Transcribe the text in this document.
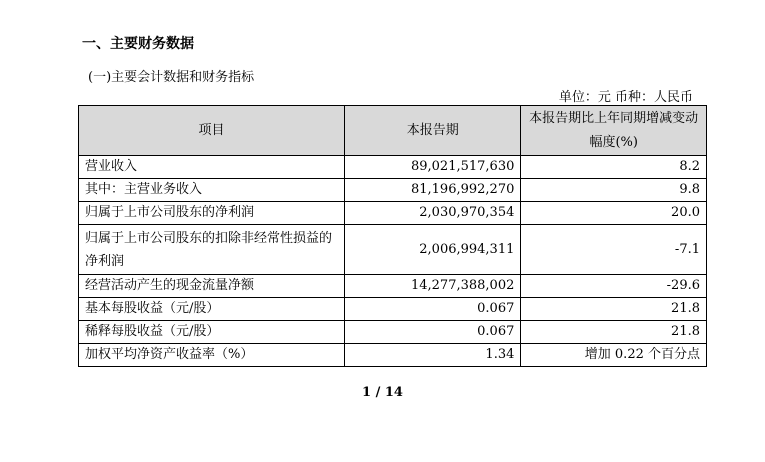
一、主要财务数据
(一)主要会计数据和财务指标
单位：元 币种：人民币
项目	本报告期	本报告期比上年同期增减变动幅度(%)
营业收入	89,021,517,630	8.2
其中：主营业务收入	81,196,992,270	9.8
归属于上市公司股东的净利润	2,030,970,354	20.0
归属于上市公司股东的扣除非经常性损益的净利润	2,006,994,311	-7.1
经营活动产生的现金流量净额	14,277,388,002	-29.6
基本每股收益（元/股）	0.067	21.8
稀释每股收益（元/股）	0.067	21.8
加权平均净资产收益率（%）	1.34	增加 0.22 个百分点
1 / 14
